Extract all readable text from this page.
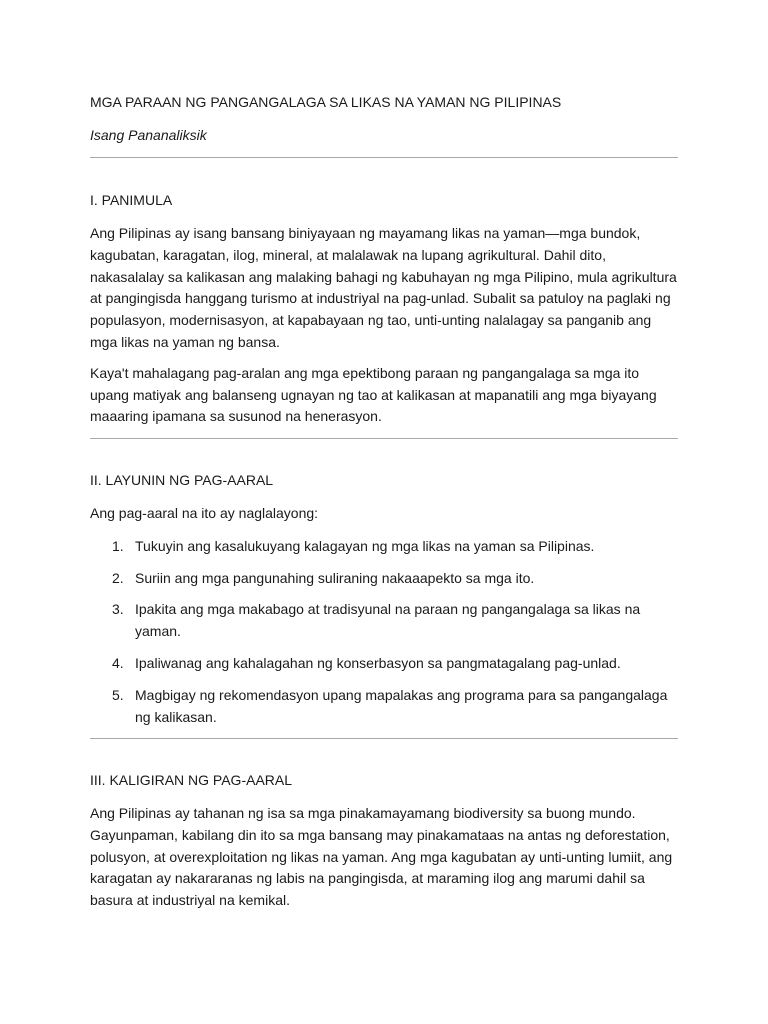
MGA PARAAN NG PANGANGALAGA SA LIKAS NA YAMAN NG PILIPINAS
Isang Pananaliksik
I. PANIMULA

Ang Pilipinas ay isang bansang biniyayaan ng mayamang likas na yaman—mga bundok, kagubatan, karagatan, ilog, mineral, at malalawak na lupang agrikultural. Dahil dito, nakasalalay sa kalikasan ang malaking bahagi ng kabuhayan ng mga Pilipino, mula agrikultura at pangingisda hanggang turismo at industriyal na pag-unlad. Subalit sa patuloy na paglaki ng populasyon, modernisasyon, at kapabayaan ng tao, unti-unting nalalagay sa panganib ang mga likas na yaman ng bansa.

Kaya't mahalagang pag-aralan ang mga epektibong paraan ng pangangalaga sa mga ito upang matiyak ang balanseng ugnayan ng tao at kalikasan at mapanatili ang mga biyayang maaaring ipamana sa susunod na henerasyon.

II. LAYUNIN NG PAG-AARAL

Ang pag-aaral na ito ay naglalayong:

1. Tukuyin ang kasalukuyang kalagayan ng mga likas na yaman sa Pilipinas.
2. Suriin ang mga pangunahing suliraning nakaaapekto sa mga ito.
3. Ipakita ang mga makabago at tradisyunal na paraan ng pangangalaga sa likas na yaman.
4. Ipaliwanag ang kahalagahan ng konserbasyon sa pangmatagalang pag-unlad.
5. Magbigay ng rekomendasyon upang mapalakas ang programa para sa pangangalaga ng kalikasan.
III. KALIGIRAN NG PAG-AARAL

Ang Pilipinas ay tahanan ng isa sa mga pinakamayamang biodiversity sa buong mundo. Gayunpaman, kabilang din ito sa mga bansang may pinakamataas na antas ng deforestation, polusyon, at overexploitation ng likas na yaman. Ang mga kagubatan ay unti-unting lumiit, ang karagatan ay nakararanas ng labis na pangingisda, at maraming ilog ang marumi dahil sa basura at industriyal na kemikal.
